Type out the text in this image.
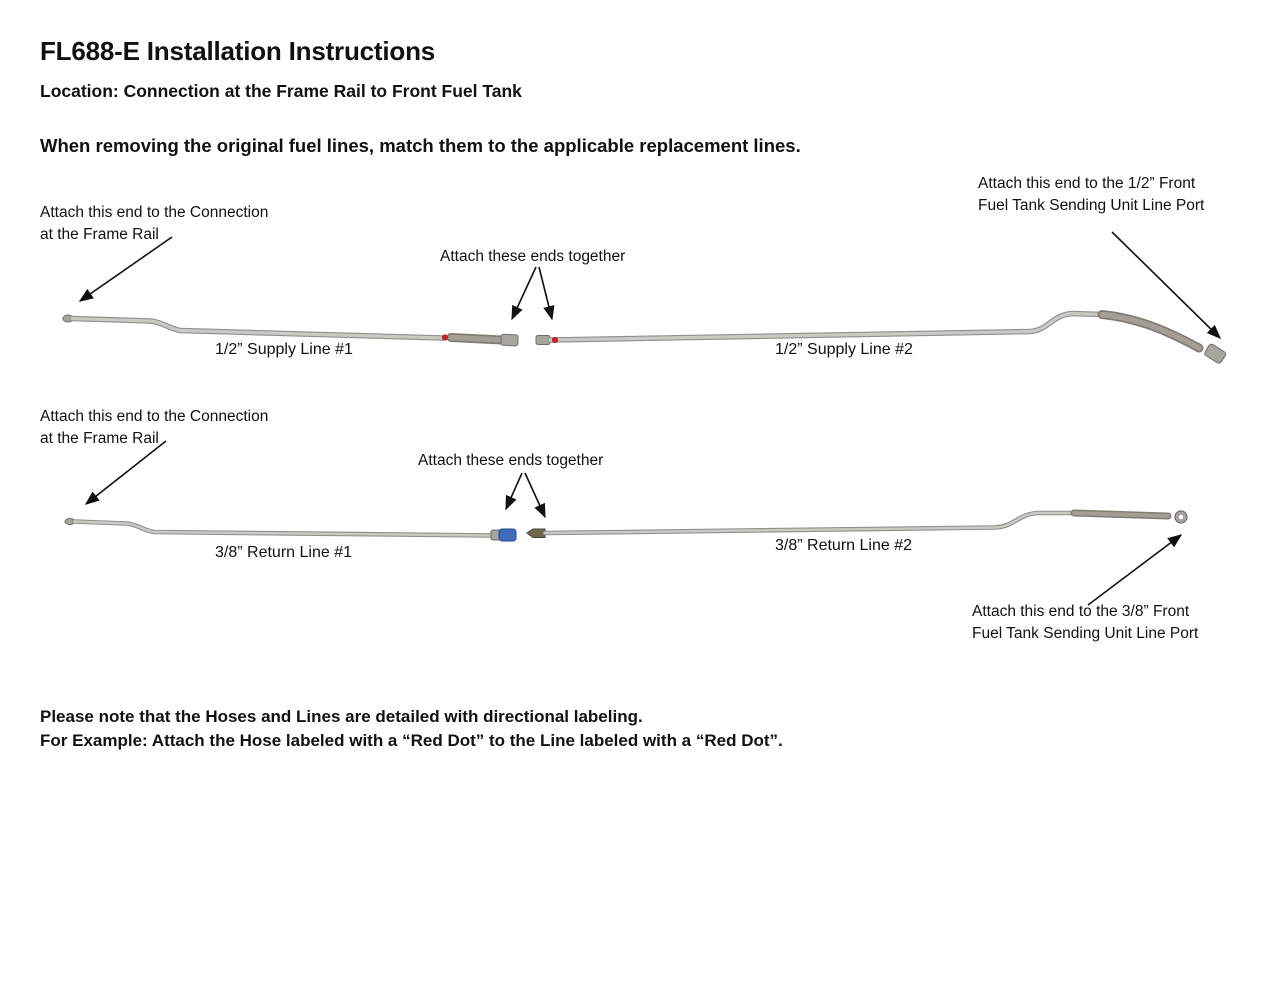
FL688-E Installation Instructions
Location: Connection at the Frame Rail to Front Fuel Tank
When removing the original fuel lines, match them to the applicable replacement lines.
Attach this end to the Connection
at the Frame Rail
Attach these ends together
Attach this end to the 1/2” Front
Fuel Tank Sending Unit Line Port
1/2” Supply Line #1	1/2” Supply Line #2
Attach this end to the Connection
at the Frame Rail
Attach these ends together
Attach this end to the 3/8” Front
Fuel Tank Sending Unit Line Port
3/8” Return Line #1	3/8” Return Line #2
Please note that the Hoses and Lines are detailed with directional labeling.
For Example: Attach the Hose labeled with a “Red Dot” to the Line labeled with a “Red Dot”.
